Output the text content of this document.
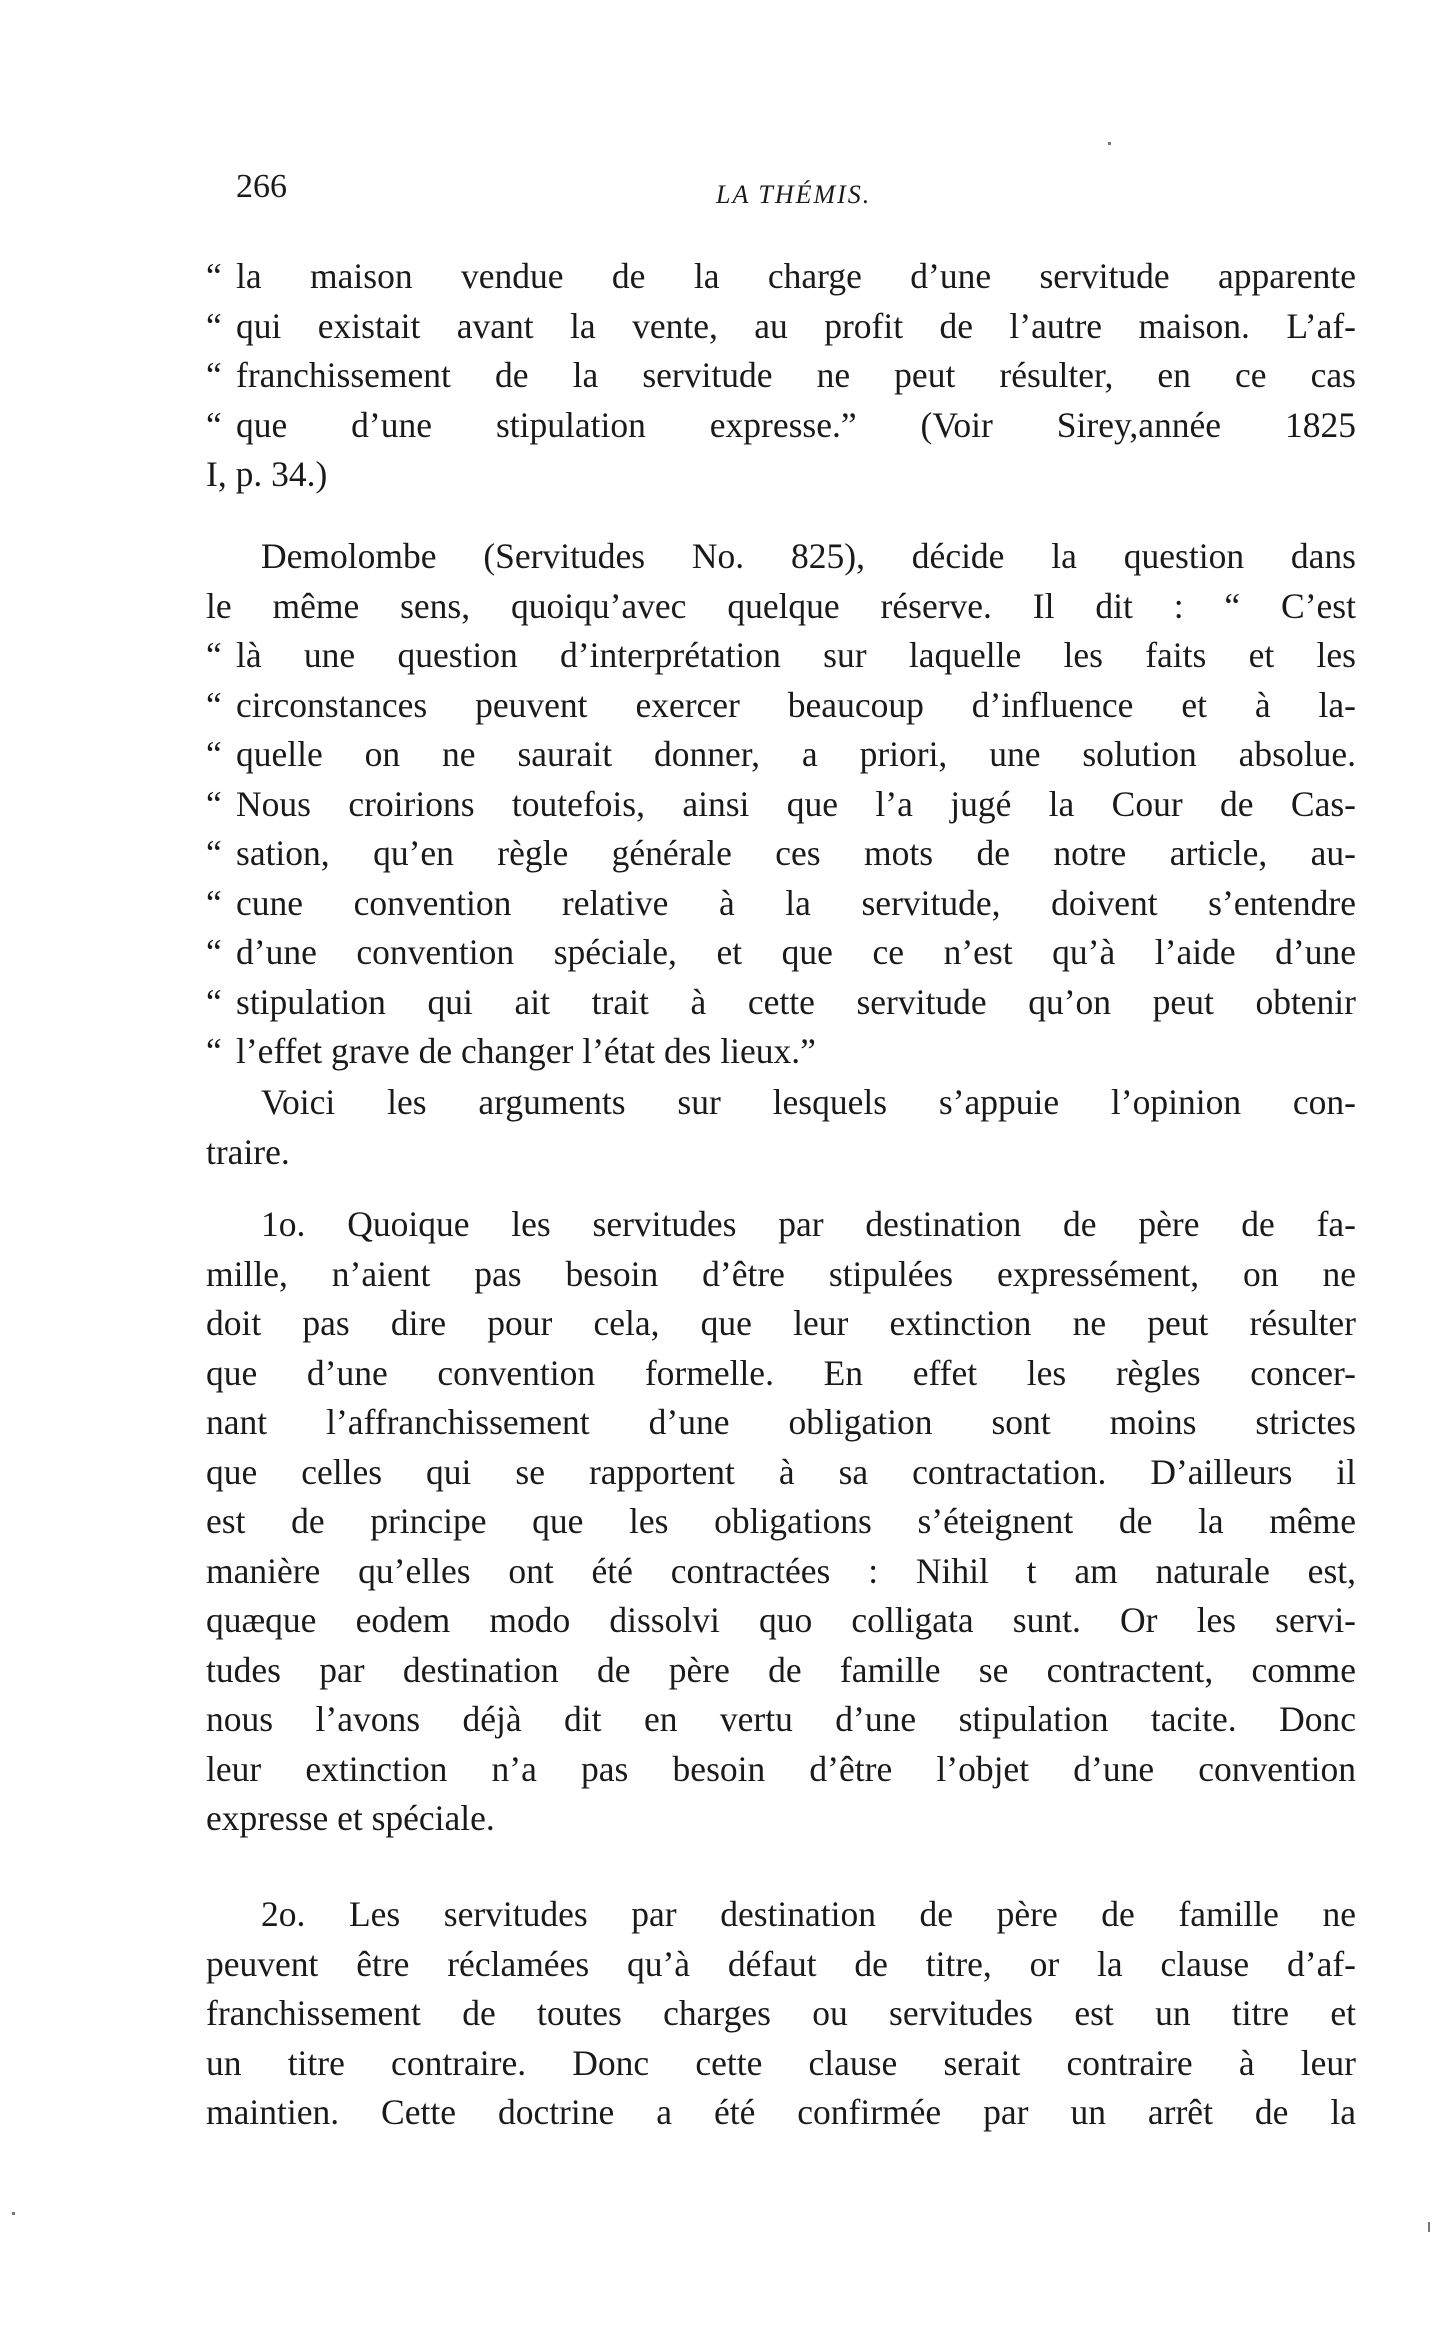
266	LA THÉMIS.
“ la maison vendue de la charge d’une servitude apparente
“ qui existait avant la vente, au profit de l’autre maison. L’af-
“ franchissement de la servitude ne peut résulter, en ce cas
“ que d’une stipulation expresse.” (Voir Sirey,année 1825
I, p. 34.)
Demolombe (Servitudes No. 825), décide la question dans
le même sens, quoiqu’avec quelque réserve. Il dit : “ C’est
“ là une question d’interprétation sur laquelle les faits et les
“ circonstances peuvent exercer beaucoup d’influence et à la-
“ quelle on ne saurait donner, a priori, une solution absolue.
“ Nous croirions toutefois, ainsi que l’a jugé la Cour de Cas-
“ sation, qu’en règle générale ces mots de notre article, au-
“ cune convention relative à la servitude, doivent s’entendre
“ d’une convention spéciale, et que ce n’est qu’à l’aide d’une
“ stipulation qui ait trait à cette servitude qu’on peut obtenir
“ l’effet grave de changer l’état des lieux.”
Voici les arguments sur lesquels s’appuie l’opinion con-
traire.
1o. Quoique les servitudes par destination de père de fa-
mille, n’aient pas besoin d’être stipulées expressément, on ne
doit pas dire pour cela, que leur extinction ne peut résulter
que d’une convention formelle. En effet les règles concer-
nant l’affranchissement d’une obligation sont moins strictes
que celles qui se rapportent à sa contractation. D’ailleurs il
est de principe que les obligations s’éteignent de la même
manière qu’elles ont été contractées : Nihil t am naturale est,
quæque eodem modo dissolvi quo colligata sunt. Or les servi-
tudes par destination de père de famille se contractent, comme
nous l’avons déjà dit en vertu d’une stipulation tacite. Donc
leur extinction n’a pas besoin d’être l’objet d’une convention
expresse et spéciale.
2o. Les servitudes par destination de père de famille ne
peuvent être réclamées qu’à défaut de titre, or la clause d’af-
franchissement de toutes charges ou servitudes est un titre et
un titre contraire. Donc cette clause serait contraire à leur
maintien. Cette doctrine a été confirmée par un arrêt de la
